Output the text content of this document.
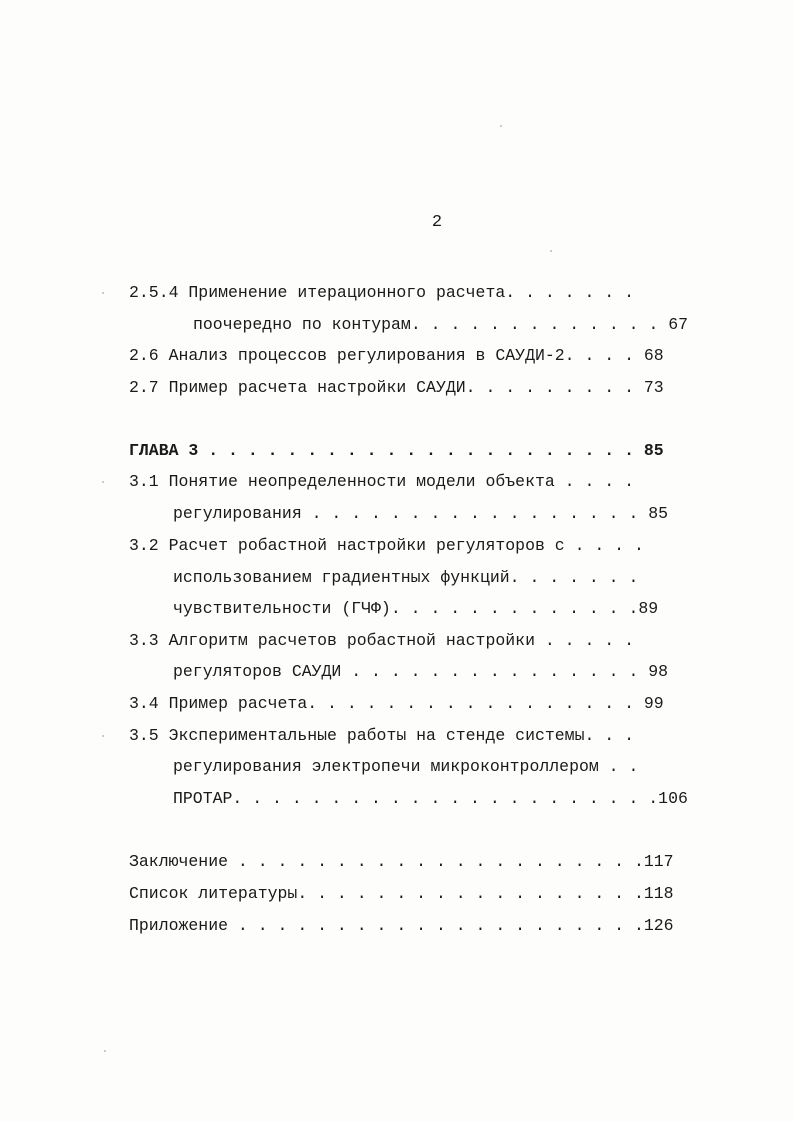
2
2.5.4 Применение итерационного расчета. . . . . . .
поочередно по контурам. . . . . . . . . . . . . 67
2.6 Анализ процессов регулирования в САУДИ-2. . . . 68
2.7 Пример расчета настройки САУДИ. . . . . . . . . 73
ГЛАВА 3 . . . . . . . . . . . . . . . . . . . . . . 85
3.1 Понятие неопределенности модели объекта . . . .
регулирования . . . . . . . . . . . . . . . . . 85
3.2 Расчет робастной настройки регуляторов с . . . .
использованием градиентных функций. . . . . . .
чувствительности (ГЧФ). . . . . . . . . . . . .89
3.3 Алгоритм расчетов робастной настройки . . . . .
регуляторов САУДИ . . . . . . . . . . . . . . . 98
3.4 Пример расчета. . . . . . . . . . . . . . . . . 99
3.5 Экспериментальные работы на стенде системы. . .
регулирования электропечи микроконтроллером . .
ПРОТАР. . . . . . . . . . . . . . . . . . . . . .106
Заключение . . . . . . . . . . . . . . . . . . . . .117
Список литературы. . . . . . . . . . . . . . . . . .118
Приложение . . . . . . . . . . . . . . . . . . . . .126
